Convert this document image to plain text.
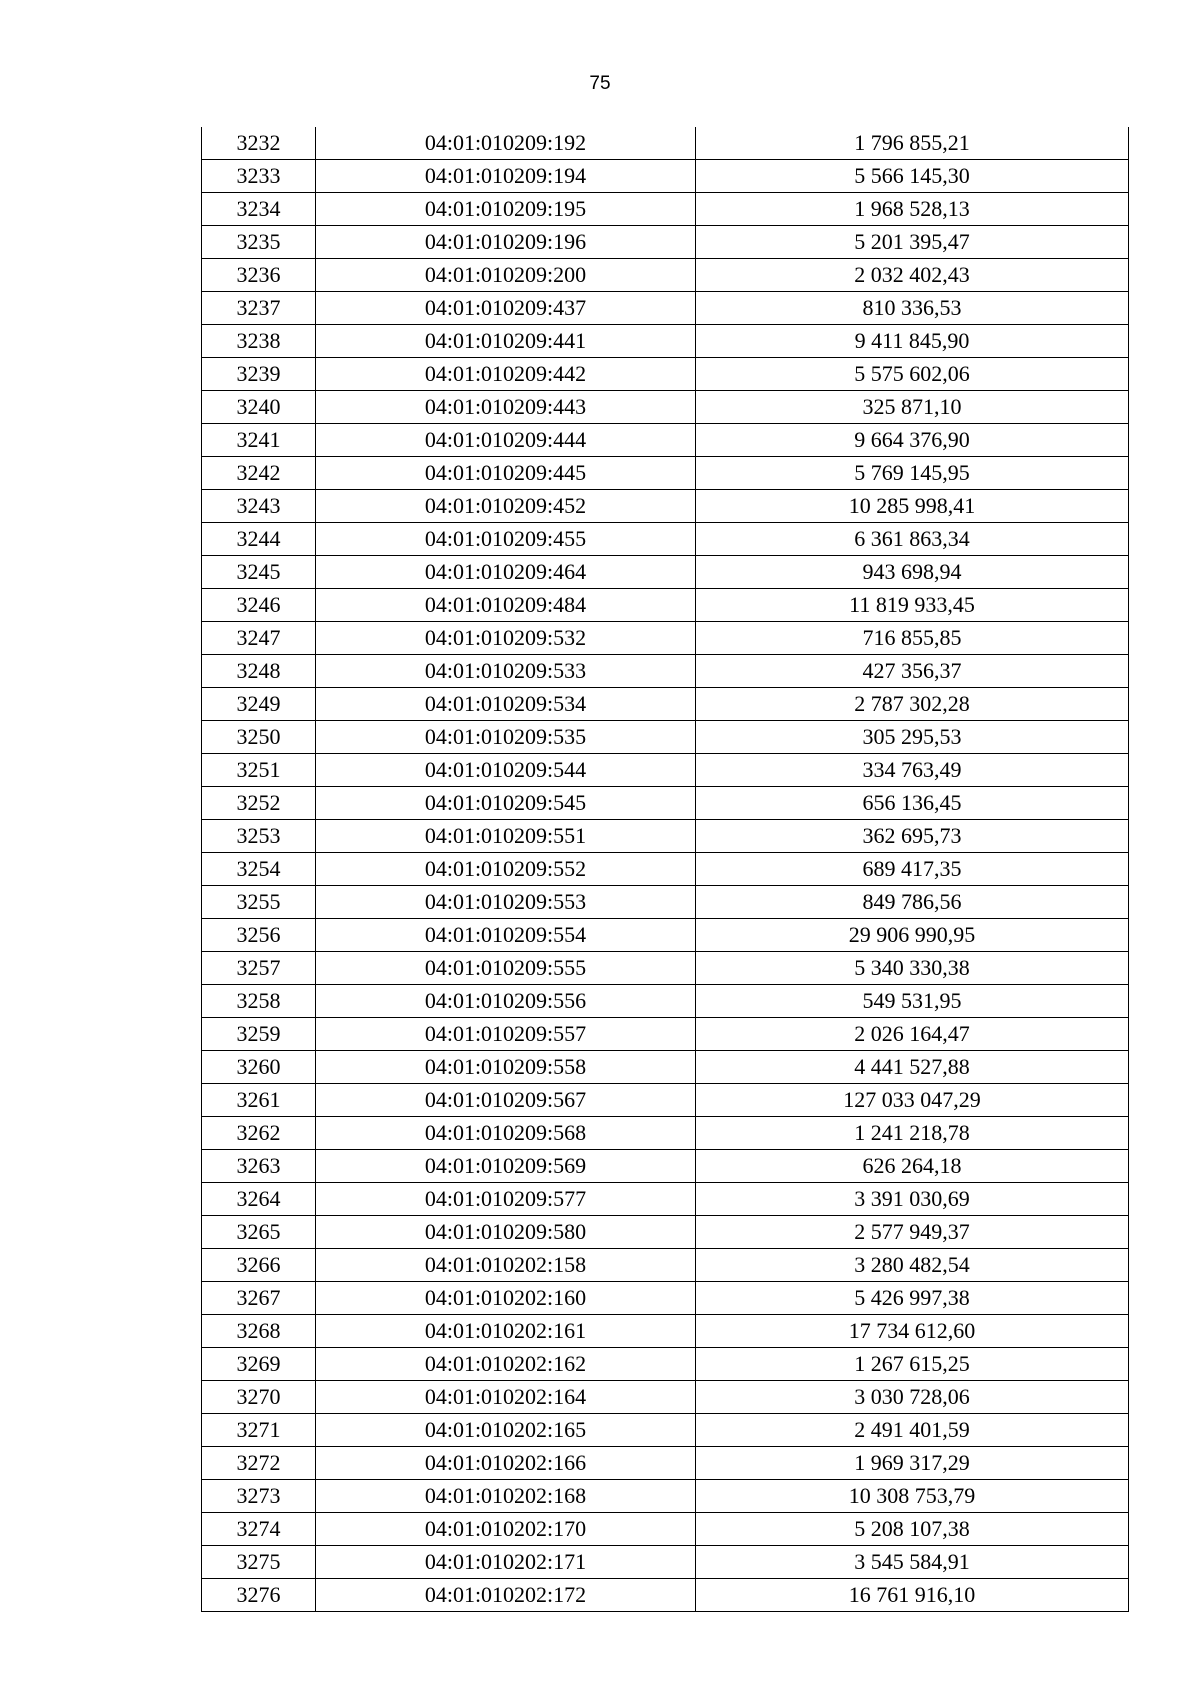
75
3232	04:01:010209:192	1 796 855,21
3233	04:01:010209:194	5 566 145,30
3234	04:01:010209:195	1 968 528,13
3235	04:01:010209:196	5 201 395,47
3236	04:01:010209:200	2 032 402,43
3237	04:01:010209:437	810 336,53
3238	04:01:010209:441	9 411 845,90
3239	04:01:010209:442	5 575 602,06
3240	04:01:010209:443	325 871,10
3241	04:01:010209:444	9 664 376,90
3242	04:01:010209:445	5 769 145,95
3243	04:01:010209:452	10 285 998,41
3244	04:01:010209:455	6 361 863,34
3245	04:01:010209:464	943 698,94
3246	04:01:010209:484	11 819 933,45
3247	04:01:010209:532	716 855,85
3248	04:01:010209:533	427 356,37
3249	04:01:010209:534	2 787 302,28
3250	04:01:010209:535	305 295,53
3251	04:01:010209:544	334 763,49
3252	04:01:010209:545	656 136,45
3253	04:01:010209:551	362 695,73
3254	04:01:010209:552	689 417,35
3255	04:01:010209:553	849 786,56
3256	04:01:010209:554	29 906 990,95
3257	04:01:010209:555	5 340 330,38
3258	04:01:010209:556	549 531,95
3259	04:01:010209:557	2 026 164,47
3260	04:01:010209:558	4 441 527,88
3261	04:01:010209:567	127 033 047,29
3262	04:01:010209:568	1 241 218,78
3263	04:01:010209:569	626 264,18
3264	04:01:010209:577	3 391 030,69
3265	04:01:010209:580	2 577 949,37
3266	04:01:010202:158	3 280 482,54
3267	04:01:010202:160	5 426 997,38
3268	04:01:010202:161	17 734 612,60
3269	04:01:010202:162	1 267 615,25
3270	04:01:010202:164	3 030 728,06
3271	04:01:010202:165	2 491 401,59
3272	04:01:010202:166	1 969 317,29
3273	04:01:010202:168	10 308 753,79
3274	04:01:010202:170	5 208 107,38
3275	04:01:010202:171	3 545 584,91
3276	04:01:010202:172	16 761 916,10
